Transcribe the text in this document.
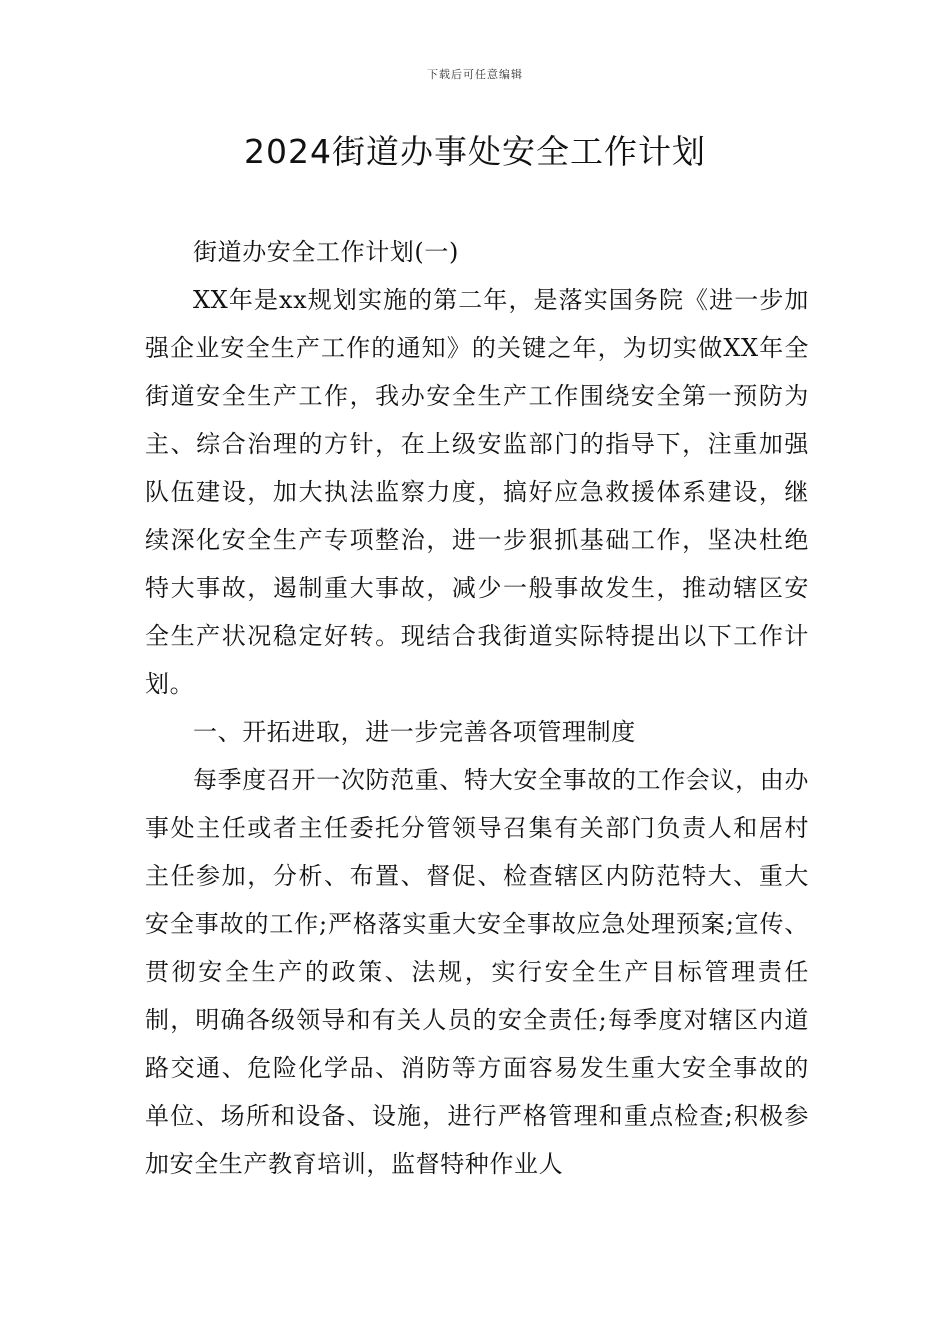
下载后可任意编辑
2024街道办事处安全工作计划

街道办安全工作计划(一)

XX年是xx规划实施的第二年，是落实国务院《进一步加强企业安全生产工作的通知》的关键之年，为切实做XX年全街道安全生产工作，我办安全生产工作围绕安全第一预防为主、综合治理的方针，在上级安监部门的指导下，注重加强队伍建设，加大执法监察力度，搞好应急救援体系建设，继续深化安全生产专项整治，进一步狠抓基础工作，坚决杜绝特大事故，遏制重大事故，减少一般事故发生，推动辖区安全生产状况稳定好转。现结合我街道实际特提出以下工作计划。

一、开拓进取，进一步完善各项管理制度

每季度召开一次防范重、特大安全事故的工作会议，由办事处主任或者主任委托分管领导召集有关部门负责人和居村主任参加，分析、布置、督促、检查辖区内防范特大、重大安全事故的工作;严格落实重大安全事故应急处理预案;宣传、贯彻安全生产的政策、法规，实行安全生产目标管理责任制，明确各级领导和有关人员的安全责任;每季度对辖区内道路交通、危险化学品、消防等方面容易发生重大安全事故的单位、场所和设备、设施，进行严格管理和重点检查;积极参加安全生产教育培训，监督特种作业人
